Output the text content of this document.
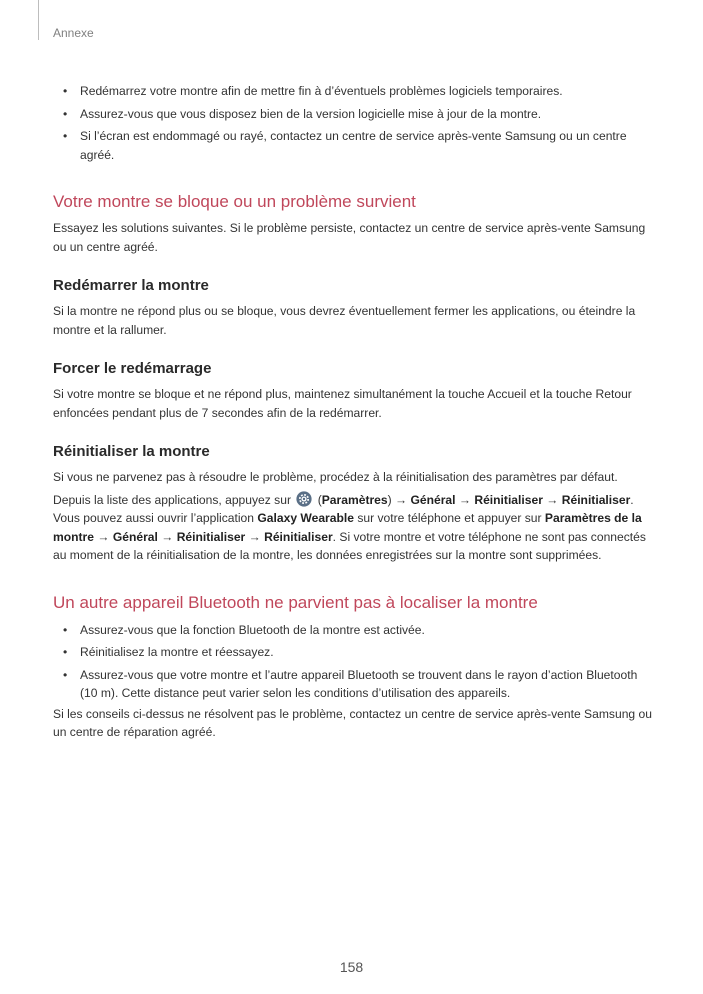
Annexe
• Redémarrez votre montre afin de mettre fin à d’éventuels problèmes logiciels temporaires.
• Assurez-vous que vous disposez bien de la version logicielle mise à jour de la montre.
• Si l’écran est endommagé ou rayé, contactez un centre de service après-vente Samsung ou un centre agréé.
Votre montre se bloque ou un problème survient

Essayez les solutions suivantes. Si le problème persiste, contactez un centre de service après-vente Samsung ou un centre agréé.

Redémarrer la montre

Si la montre ne répond plus ou se bloque, vous devrez éventuellement fermer les applications, ou éteindre la montre et la rallumer.

Forcer le redémarrage

Si votre montre se bloque et ne répond plus, maintenez simultanément la touche Accueil et la touche Retour enfoncées pendant plus de 7 secondes afin de la redémarrer.

Réinitialiser la montre

Si vous ne parvenez pas à résoudre le problème, procédez à la réinitialisation des paramètres par défaut.

Depuis la liste des applications, appuyez sur  (Paramètres) → Général → Réinitialiser → Réinitialiser. Vous pouvez aussi ouvrir l’application Galaxy Wearable sur votre téléphone et appuyer sur Paramètres de la montre → Général → Réinitialiser → Réinitialiser. Si votre montre et votre téléphone ne sont pas connectés au moment de la réinitialisation de la montre, les données enregistrées sur la montre sont supprimées.

Un autre appareil Bluetooth ne parvient pas à localiser la montre
• Assurez-vous que la fonction Bluetooth de la montre est activée.
• Réinitialisez la montre et réessayez.
• Assurez-vous que votre montre et l’autre appareil Bluetooth se trouvent dans le rayon d’action Bluetooth (10 m). Cette distance peut varier selon les conditions d’utilisation des appareils.

Si les conseils ci-dessus ne résolvent pas le problème, contactez un centre de service après-vente Samsung ou un centre de réparation agréé.

158
